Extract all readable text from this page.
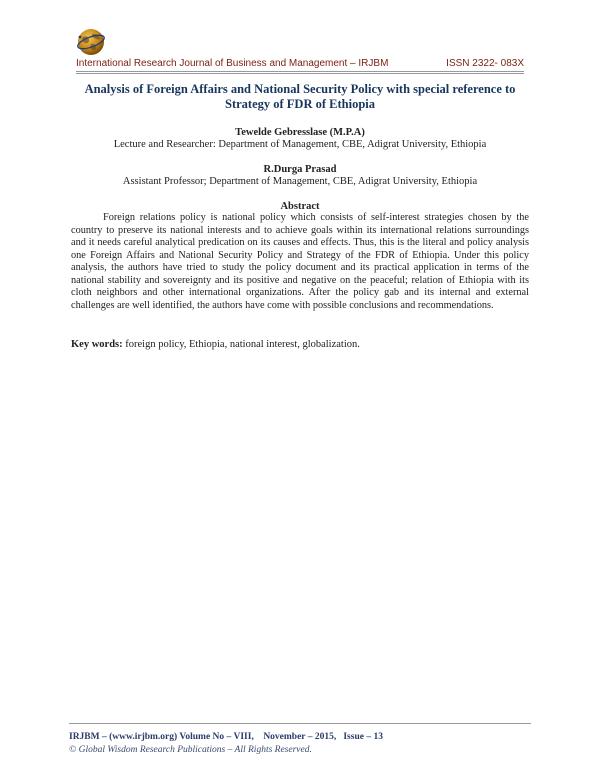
International Research Journal of Business and Management – IRJBM	ISSN 2322- 083X
Analysis of Foreign Affairs and National Security Policy with special reference to
Strategy of FDR of Ethiopia
Tewelde Gebresslase (M.P.A)
Lecture and Researcher: Department of Management, CBE, Adigrat University, Ethiopia
R.Durga Prasad
Assistant Professor; Department of Management, CBE, Adigrat University, Ethiopia
Abstract

Foreign relations policy is national policy which consists of self-interest strategies chosen by the country to preserve its national interests and to achieve goals within its international relations surroundings and it needs careful analytical predication on its causes and effects. Thus, this is the literal and policy analysis one Foreign Affairs and National Security Policy and Strategy of the FDR of Ethiopia. Under this policy analysis, the authors have tried to study the policy document and its practical application in terms of the national stability and sovereignty and its positive and negative on the peaceful; relation of Ethiopia with its cloth neighbors and other international organizations. After the policy gab and its internal and external challenges are well identified, the authors have come with possible conclusions and recommendations.

Key words: foreign policy, Ethiopia, national interest, globalization.
IRJBM – (www.irjbm.org) Volume No – VIII,    November – 2015,   Issue – 13
© Global Wisdom Research Publications – All Rights Reserved.
